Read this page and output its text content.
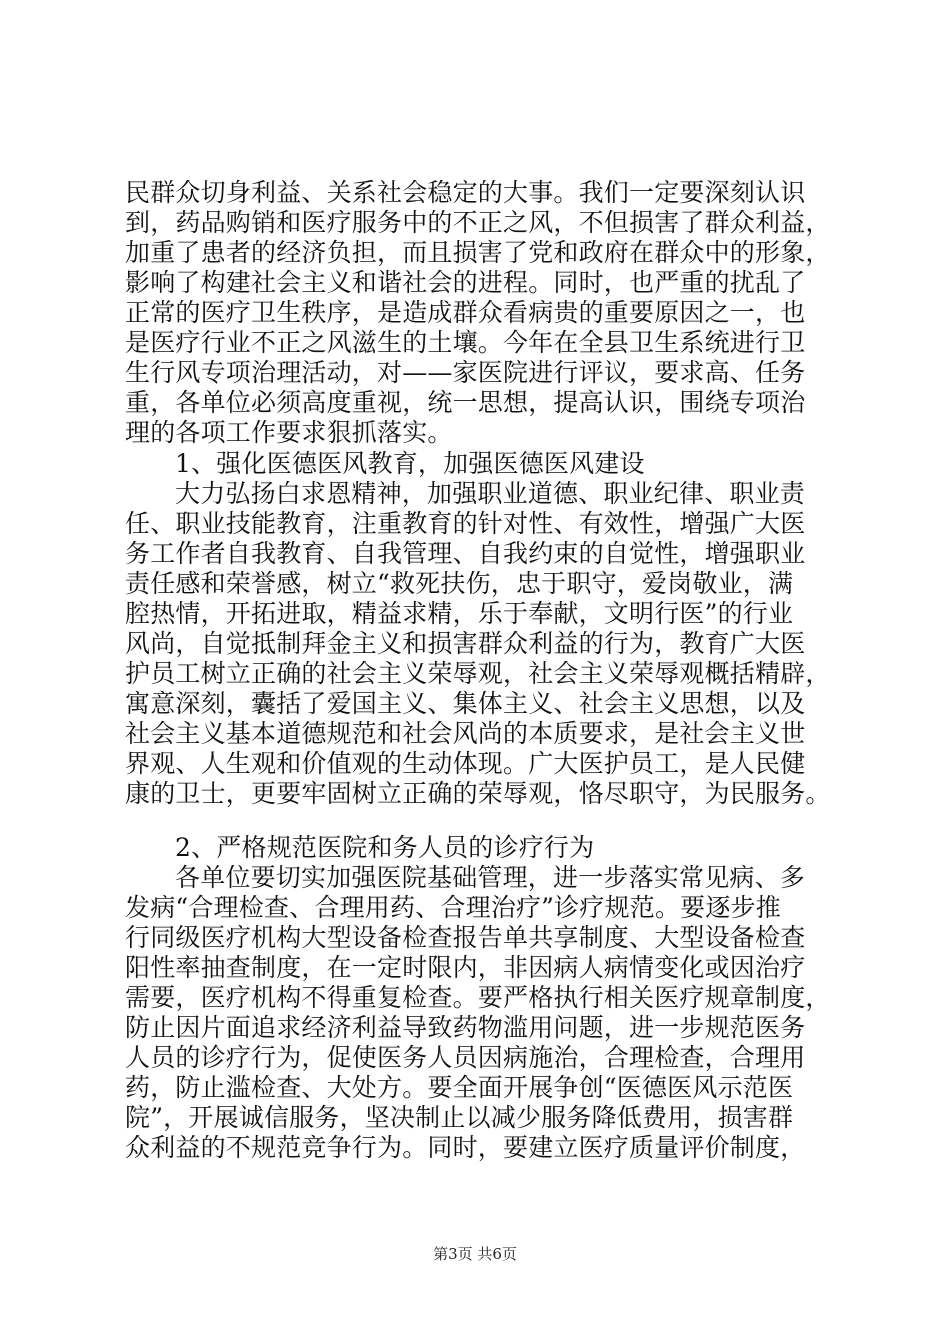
民群众切身利益、关系社会稳定的大事。我们一定要深刻认识
到，药品购销和医疗服务中的不正之风，不但损害了群众利益，
加重了患者的经济负担，而且损害了党和政府在群众中的形象，
影响了构建社会主义和谐社会的进程。同时，也严重的扰乱了
正常的医疗卫生秩序，是造成群众看病贵的重要原因之一，也
是医疗行业不正之风滋生的土壤。今年在全县卫生系统进行卫
生行风专项治理活动，对——家医院进行评议，要求高、任务
重，各单位必须高度重视，统一思想，提高认识，围绕专项治
理的各项工作要求狠抓落实。
1、强化医德医风教育，加强医德医风建设
大力弘扬白求恩精神，加强职业道德、职业纪律、职业责
任、职业技能教育，注重教育的针对性、有效性，增强广大医
务工作者自我教育、自我管理、自我约束的自觉性，增强职业
责任感和荣誉感，树立“救死扶伤，忠于职守，爱岗敬业，满
腔热情，开拓进取，精益求精，乐于奉献，文明行医”的行业
风尚，自觉抵制拜金主义和损害群众利益的行为，教育广大医
护员工树立正确的社会主义荣辱观，社会主义荣辱观概括精辟，
寓意深刻，囊括了爱国主义、集体主义、社会主义思想，以及
社会主义基本道德规范和社会风尚的本质要求，是社会主义世
界观、人生观和价值观的生动体现。广大医护员工，是人民健
康的卫士，更要牢固树立正确的荣辱观，恪尽职守，为民服务。
2、严格规范医院和务人员的诊疗行为
各单位要切实加强医院基础管理，进一步落实常见病、多
发病“合理检查、合理用药、合理治疗”诊疗规范。要逐步推
行同级医疗机构大型设备检查报告单共享制度、大型设备检查
阳性率抽查制度，在一定时限内，非因病人病情变化或因治疗
需要，医疗机构不得重复检查。要严格执行相关医疗规章制度，
防止因片面追求经济利益导致药物滥用问题，进一步规范医务
人员的诊疗行为，促使医务人员因病施治，合理检查，合理用
药，防止滥检查、大处方。要全面开展争创“医德医风示范医
院”，开展诚信服务，坚决制止以减少服务降低费用，损害群
众利益的不规范竞争行为。同时，要建立医疗质量评价制度，
第3页 共6页
